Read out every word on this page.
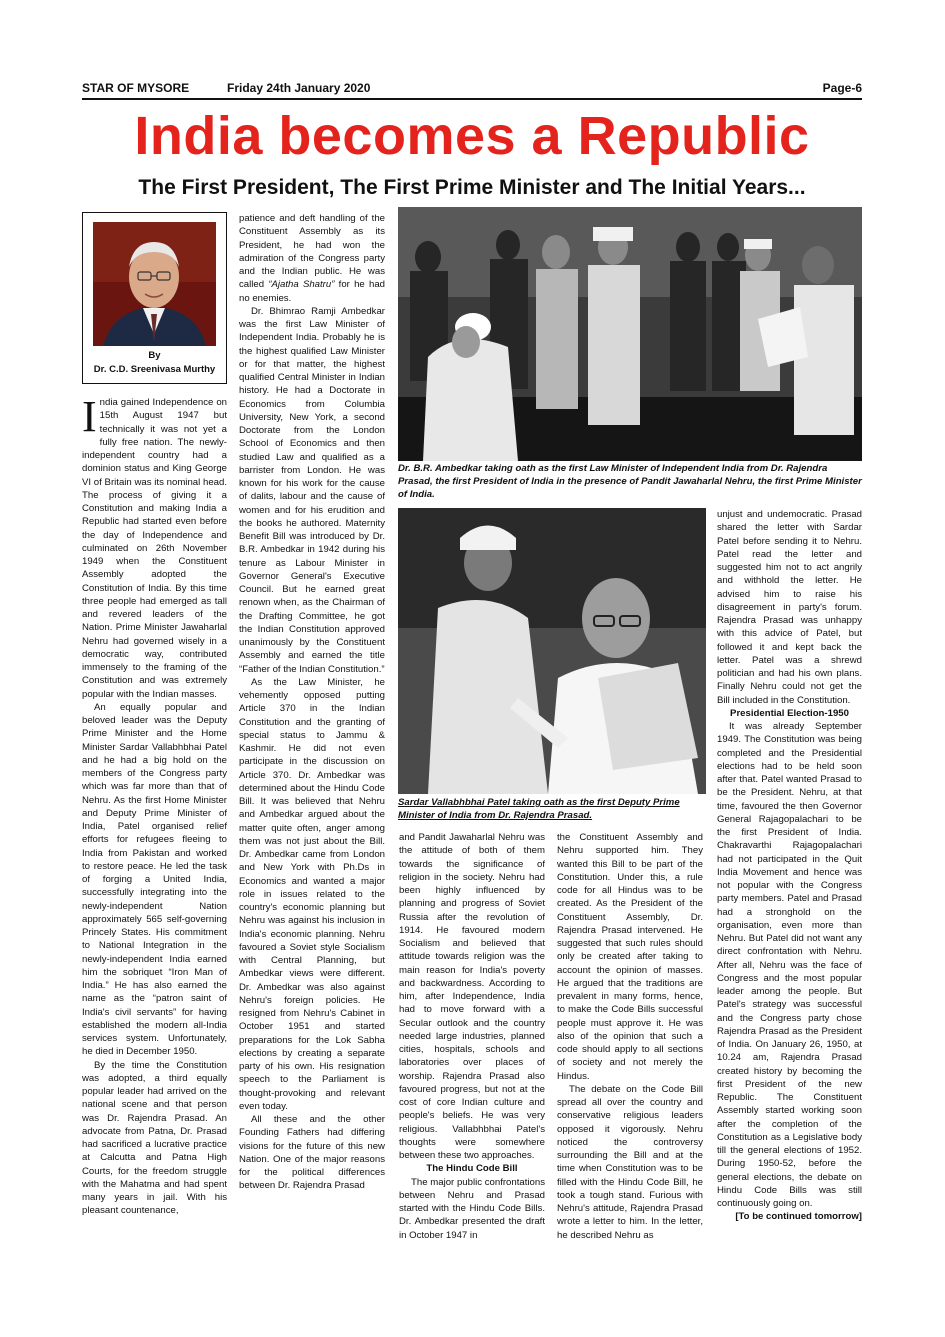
STAR OF MYSORE	Friday 24th January 2020	Page-6
India becomes a Republic
The First President, The First Prime Minister and The Initial Years...
By
Dr. C.D. Sreenivasa Murthy

India gained Independence on 15th August 1947 but technically it was not yet a fully free nation. The newly-independent country had a dominion status and King George VI of Britain was its nominal head. The process of giving it a Constitution and making India a Republic had started even before the day of Independence and culminated on 26th November 1949 when the Constituent Assembly adopted the Constitution of India. By this time three people had emerged as tall and revered leaders of the Nation. Prime Minister Jawaharlal Nehru had governed wisely in a democratic way, contributed immensely to the framing of the Constitution and was extremely popular with the Indian masses.

An equally popular and beloved leader was the Deputy Prime Minister and the Home Minister Sardar Vallabhbhai Patel and he had a big hold on the members of the Congress party which was far more than that of Nehru. As the first Home Minister and Deputy Prime Minister of India, Patel organised relief efforts for refugees fleeing to India from Pakistan and worked to restore peace. He led the task of forging a United India, successfully integrating into the newly-independent Nation approximately 565 self-governing Princely States. His commitment to National Integration in the newly-independent India earned him the sobriquet “Iron Man of India.” He has also earned the name as the “patron saint of India's civil servants” for having established the modern all-India services system. Unfortunately, he died in December 1950.

By the time the Constitution was adopted, a third equally popular leader had arrived on the national scene and that person was Dr. Rajendra Prasad. An advocate from Patna, Dr. Prasad had sacrificed a lucrative practice at Calcutta and Patna High Courts, for the freedom struggle with the Mahatma and had spent many years in jail. With his pleasant countenance,

patience and deft handling of the Constituent Assembly as its President, he had won the admiration of the Congress party and the Indian public. He was called “Ajatha Shatru” for he had no enemies.

Dr. Bhimrao Ramji Ambedkar was the first Law Minister of Independent India. Probably he is the highest qualified Law Minister or for that matter, the highest qualified Central Minister in Indian history. He had a Doctorate in Economics from Columbia University, New York, a second Doctorate from the London School of Economics and then studied Law and qualified as a barrister from London. He was known for his work for the cause of dalits, labour and the cause of women and for his erudition and the books he authored. Maternity Benefit Bill was introduced by Dr. B.R. Ambedkar in 1942 during his tenure as Labour Minister in Governor General's Executive Council. But he earned great renown when, as the Chairman of the Drafting Committee, he got the Indian Constitution approved unanimously by the Constituent Assembly and earned the title “Father of the Indian Constitution.”

As the Law Minister, he vehemently opposed putting Article 370 in the Indian Constitution and the granting of special status to Jammu & Kashmir. He did not even participate in the discussion on Article 370. Dr. Ambedkar was determined about the Hindu Code Bill. It was believed that Nehru and Ambedkar argued about the matter quite often, anger among them was not just about the Bill. Dr. Ambedkar came from London and New York with Ph.Ds in Economics and wanted a major role in issues related to the country's economic planning but Nehru was against his inclusion in India's economic planning. Nehru favoured a Soviet style Socialism with Central Planning, but Ambedkar views were different. Dr. Ambedkar was also against Nehru's foreign policies. He resigned from Nehru's Cabinet in October 1951 and started preparations for the Lok Sabha elections by creating a separate party of his own. His resignation speech to the Parliament is thought-provoking and relevant even today.

All these and the other Founding Fathers had differing visions for the future of this new Nation. One of the major reasons for the political differences between Dr. Rajendra Prasad

Dr. B.R. Ambedkar taking oath as the first Law Minister of Independent India from Dr. Rajendra Prasad, the first President of India in the presence of Pandit Jawaharlal Nehru, the first Prime Minister of India.
Sardar Vallabhbhai Patel taking oath as the first Deputy Prime Minister of India from Dr. Rajendra Prasad.

and Pandit Jawaharlal Nehru was the attitude of both of them towards the significance of religion in the society. Nehru had been highly influenced by planning and progress of Soviet Russia after the revolution of 1914. He favoured modern Socialism and believed that attitude towards religion was the main reason for India's poverty and backwardness. According to him, after Independence, India had to move forward with a Secular outlook and the country needed large industries, planned cities, hospitals, schools and laboratories over places of worship. Rajendra Prasad also favoured progress, but not at the cost of core Indian culture and people's beliefs. He was very religious. Vallabhbhai Patel's thoughts were somewhere between these two approaches.

The Hindu Code Bill

The major public confrontations between Nehru and Prasad started with the Hindu Code Bills. Dr. Ambedkar presented the draft in October 1947 in

the Constituent Assembly and Nehru supported him. They wanted this Bill to be part of the Constitution. Under this, a rule code for all Hindus was to be created. As the President of the Constituent Assembly, Dr. Rajendra Prasad intervened. He suggested that such rules should only be created after taking to account the opinion of masses. He argued that the traditions are prevalent in many forms, hence, to make the Code Bills successful people must approve it. He was also of the opinion that such a code should apply to all sections of society and not merely the Hindus.

The debate on the Code Bill spread all over the country and conservative religious leaders opposed it vigorously. Nehru noticed the controversy surrounding the Bill and at the time when Constitution was to be filled with the Hindu Code Bill, he took a tough stand. Furious with Nehru's attitude, Rajendra Prasad wrote a letter to him. In the letter, he described Nehru as

unjust and undemocratic. Prasad shared the letter with Sardar Patel before sending it to Nehru. Patel read the letter and suggested him not to act angrily and withhold the letter. He advised him to raise his disagreement in party's forum. Rajendra Prasad was unhappy with this advice of Patel, but followed it and kept back the letter. Patel was a shrewd politician and had his own plans. Finally Nehru could not get the Bill included in the Constitution.

Presidential Election-1950

It was already September 1949. The Constitution was being completed and the Presidential elections had to be held soon after that. Patel wanted Prasad to be the President. Nehru, at that time, favoured the then Governor General Rajagopalachari to be the first President of India. Chakravarthi Rajagopalachari had not participated in the Quit India Movement and hence was not popular with the Congress party members. Patel and Prasad had a stronghold on the organisation, even more than Nehru. But Patel did not want any direct confrontation with Nehru. After all, Nehru was the face of Congress and the most popular leader among the people. But Patel's strategy was successful and the Congress party chose Rajendra Prasad as the President of India. On January 26, 1950, at 10.24 am, Rajendra Prasad created history by becoming the first President of the new Republic. The Constituent Assembly started working soon after the completion of the Constitution as a Legislative body till the general elections of 1952. During 1950-52, before the general elections, the debate on Hindu Code Bills was still continuously going on.

[To be continued tomorrow]
